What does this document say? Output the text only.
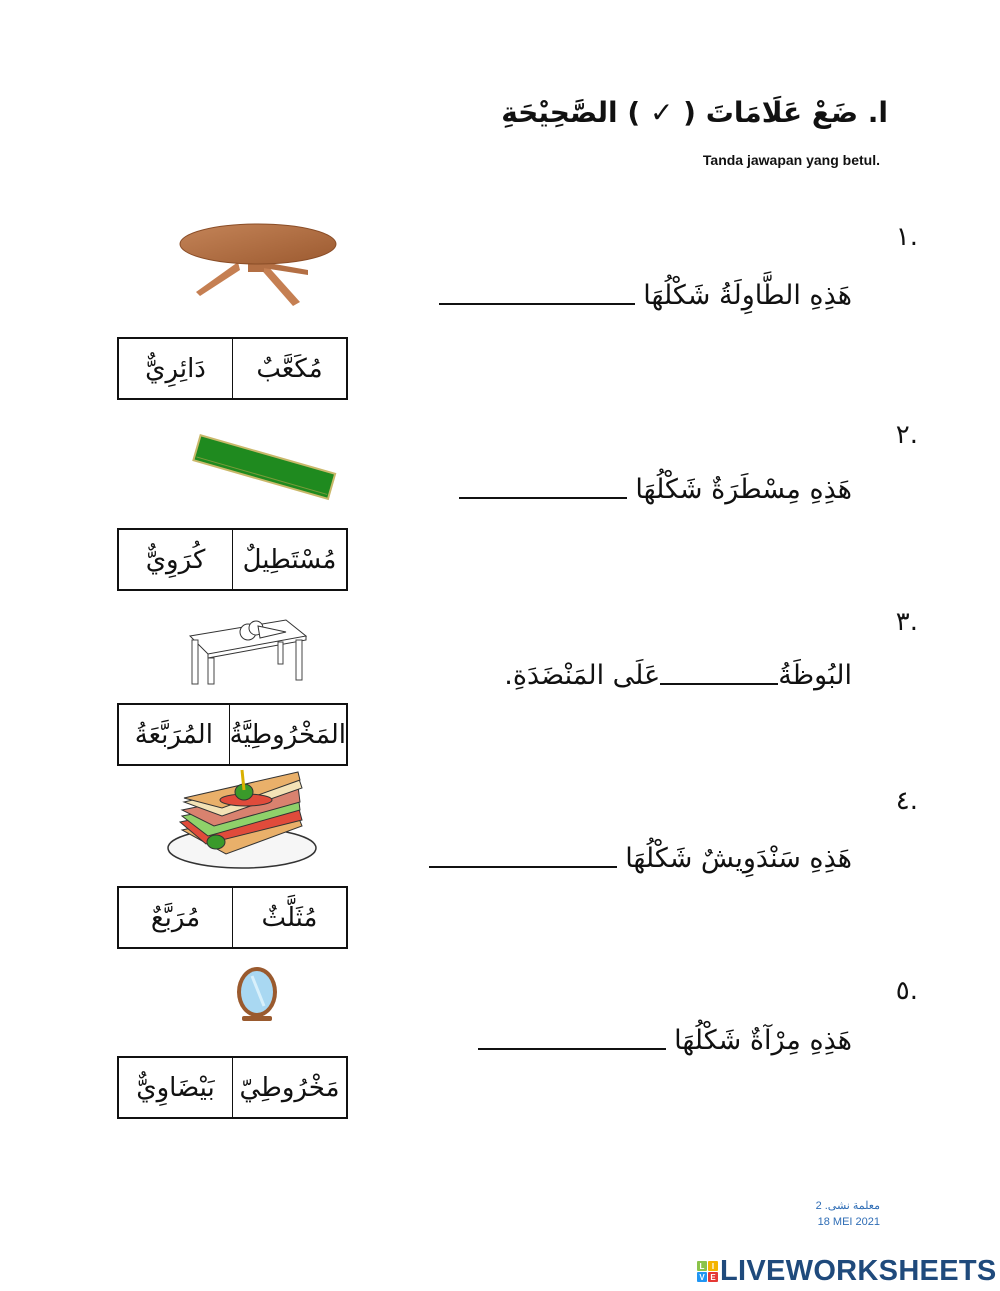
ا. ضَعْ عَلَامَاتَ ( ✓ ) الصَّحِيْحَةِ
Tanda jawapan yang betul.
.١
هَذِهِ الطَّاوِلَةُ شَكْلُهَا
مُكَعَّبٌ
دَائِرِيٌّ
.٢
هَذِهِ مِسْطَرَةٌ شَكْلُهَا
مُسْتَطِيلٌ
كُرَوِيٌّ
.٣
البُوظَةُ
عَلَى المَنْضَدَةِ.
المَخْرُوطِيَّةُ
المُرَبَّعَةُ
.٤
هَذِهِ سَنْدَوِيشٌ شَكْلُهَا
مُثَلَّثٌ
مُرَبَّعٌ
.٥
هَذِهِ مِرْآةٌ شَكْلُهَا
مَخْرُوطِيّ
بَيْضَاوِيٌّ
2 .معلمة نشى
18 MEI 2021
L I
V E LIVEWORKSHEETS
